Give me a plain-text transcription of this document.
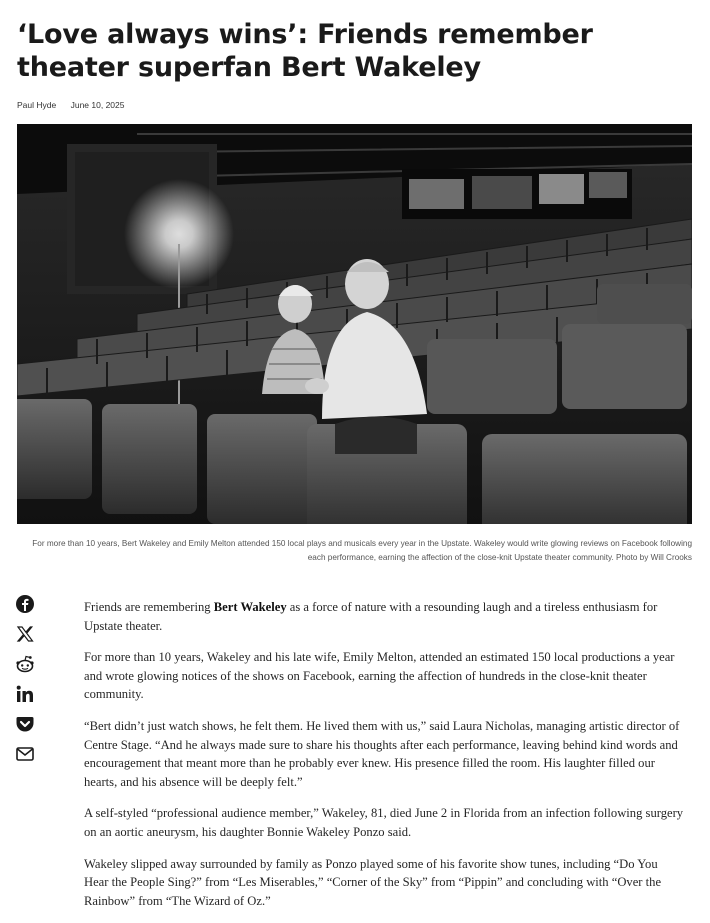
‘Love always wins’: Friends remember theater superfan Bert Wakeley
Paul Hyde June 10, 2025

For more than 10 years, Bert Wakeley and Emily Melton attended 150 local plays and musicals every year in the Upstate. Wakeley would write glowing reviews on Facebook following each performance, earning the affection of the close-knit Upstate theater community. Photo by Will Crooks

Friends are remembering Bert Wakeley as a force of nature with a resounding laugh and a tireless enthusiasm for Upstate theater.

For more than 10 years, Wakeley and his late wife, Emily Melton, attended an estimated 150 local productions a year and wrote glowing notices of the shows on Facebook, earning the affection of hundreds in the close-knit theater community.

“Bert didn’t just watch shows, he felt them. He lived them with us,” said Laura Nicholas, managing artistic director of Centre Stage. “And he always made sure to share his thoughts after each performance, leaving behind kind words and encouragement that meant more than he probably ever knew. His presence filled the room. His laughter filled our hearts, and his absence will be deeply felt.”

A self-styled “professional audience member,” Wakeley, 81, died June 2 in Florida from an infection following surgery on an aortic aneurysm, his daughter Bonnie Wakeley Ponzo said.

Wakeley slipped away surrounded by family as Ponzo played some of his favorite show tunes, including “Do You Hear the People Sing?” from “Les Miserables,” “Corner of the Sky” from “Pippin” and concluding with “Over the Rainbow” from “The Wizard of Oz.”
